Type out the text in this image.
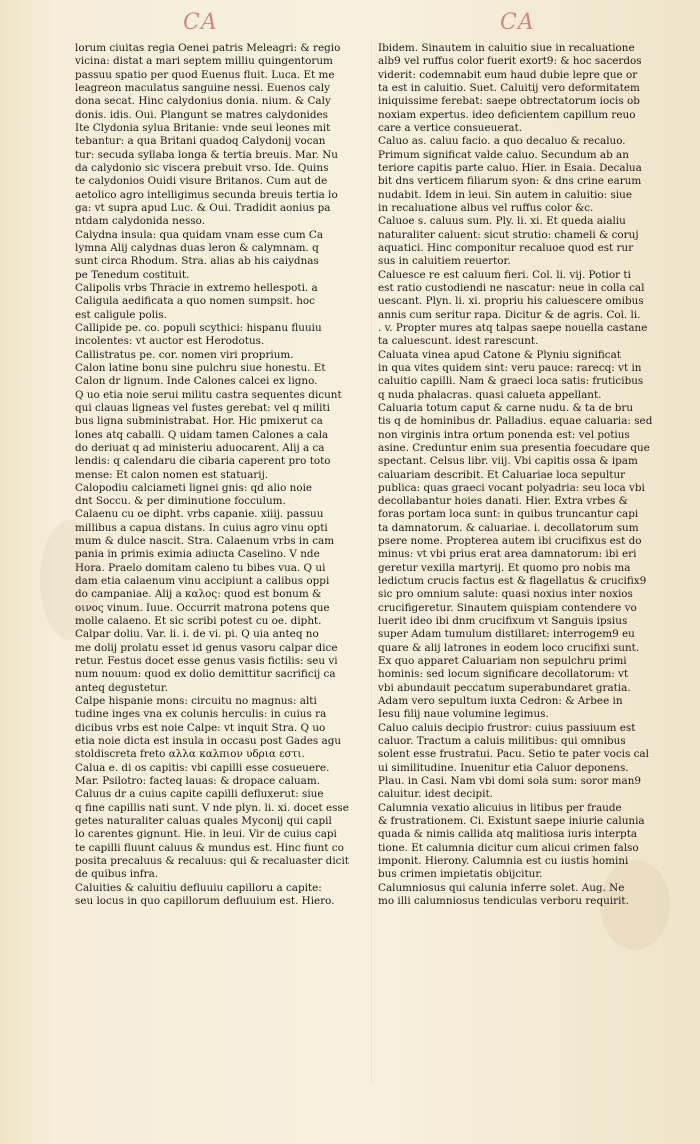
CA	CA
lorum ciuitas regia Oenei patris Meleagri: & regio
vicina: distat a mari septem milliu quingentorum
passuu spatio per quod Euenus fluit. Luca. Et me
leagreon maculatus sanguine nessi. Euenos caly
dona secat. Hinc calydonius donia. nium. & Caly
donis. idis. Oui. Plangunt se matres calydonides
Ite Clydonia sylua Britanie: vnde seui leones mit
tebantur: a qua Britani quadoq Calydonij vocan
tur: secuda syllaba longa & tertia breuis. Mar. Nu
da calydonio sic viscera prebuit vrso. Ide. Quins
te calydonios Ouidi visure Britanos. Cum aut de
aetolico agro intelligimus secunda breuis tertia lo
ga: vt supra apud Luc. & Oui. Tradidit aonius pa
ntdam calydonida nesso.
Calydna insula: qua quidam vnam esse cum Ca
lymna Alij calydnas duas leron & calymnam. q
sunt circa Rhodum. Stra. alias ab his caiydnas
pe Tenedum costituit.
Calipolis vrbs Thracie in extremo hellespoti. a
Caligula aedificata a quo nomen sumpsit. hoc
est caligule polis.
Callipide pe. co. populi scythici: hispanu fluuiu
incolentes: vt auctor est Herodotus.
Callistratus pe. cor. nomen viri proprium.
Calon latine bonu sine pulchru siue honestu. Et
Calon dr lignum. Inde Calones calcei ex ligno.
Q uo etia noie serui militu castra sequentes dicunt
qui clauas ligneas vel fustes gerebat: vel q militi
bus ligna subministrabat. Hor. Hic pmixerut ca
lones atq caballi. Q uidam tamen Calones a cala
do deriuat q ad ministeriu aduocarent. Alij a ca
lendis: q calendaru die cibaria caperent pro toto
mense: Et calon nomen est statuarij.
Calopodiu calciameti lignei gnis: qd alio noie
dnt Soccu. & per diminutione focculum.
Calaenu cu oe dipht. vrbs capanie. xiiij. passuu
millibus a capua distans. In cuius agro vinu opti
mum & dulce nascit. Stra. Calaenum vrbs in cam
pania in primis eximia adiucta Caselino. V nde
Hora. Praelo domitam caleno tu bibes vua. Q ui
dam etia calaenum vinu accipiunt a calibus oppi
do campaniae. Alij a καλος: quod est bonum &
οινος vinum. Iuue. Occurrit matrona potens que
molle calaeno. Et sic scribi potest cu oe. dipht.
Calpar doliu. Var. li. i. de vi. pi. Q uia anteq no
me dolij prolatu esset id genus vasoru calpar dice
retur. Festus docet esse genus vasis fictilis: seu vi
num nouum: quod ex dolio demittitur sacrificij ca
anteq degustetur.
Calpe hispanie mons: circuitu no magnus: alti
tudine inges vna ex colunis herculis: in cuius ra
dicibus vrbs est noie Calpe: vt inquit Stra. Q uo
etia noie dicta est insula in occasu post Gades agu
stoldiscreta freto αλλα καλπιον υδρια εστι.
Calua e. di os capitis: vbi capilli esse cosueuere.
Mar. Psilotro: facteq lauas: & dropace caluam.
Caluus dr a cuius capite capilli defluxerut: siue
q fine capillis nati sunt. V nde plyn. li. xi. docet esse
getes naturaliter caluas quales Myconij qui capil
lo carentes gignunt. Hie. in leui. Vir de cuius capi
te capilli fluunt caluus & mundus est. Hinc fiunt co
posita precaluus & recaluus: qui & recaluaster dicit
de quibus infra.
Caluities & caluitiu defluuiu capilloru a capite:
seu locus in quo capillorum defluuium est. Hiero.
Ibidem. Sinautem in caluitio siue in recaluatione
alb9 vel ruffus color fuerit exort9: & hoc sacerdos
viderit: codemnabit eum haud dubie lepre que or
ta est in caluitio. Suet. Caluitij vero deformitatem
iniquissime ferebat: saepe obtrectatorum iocis ob
noxiam expertus. ideo deficientem capillum reuo
care a vertice consueuerat.
Caluo as. caluu facio. a quo decaluo & recaluo.
Primum significat valde caluo. Secundum ab an
teriore capitis parte caluo. Hier. in Esaia. Decalua
bit dns verticem filiarum syon: & dns crine earum
nudabit. Idem in leui. Sin autem in caluitio: siue
in recaluatione albus vel ruffus color &c.
Caluoe s. caluus sum. Ply. li. xi. Et queda aialiu
naturaliter caluent: sicut strutio: chameli & coruj
aquatici. Hinc componitur recaluoe quod est rur
sus in caluitiem reuertor.
Caluesce re est caluum fieri. Col. li. vij. Potior ti
est ratio custodiendi ne nascatur: neue in colla cal
uescant. Plyn. li. xi. propriu his caluescere omibus
annis cum seritur rapa. Dicitur & de agris. Col. li.
. v. Propter mures atq talpas saepe nouella castane
ta caluescunt. idest rarescunt.
Caluata vinea apud Catone & Plyniu significat
in qua vites quidem sint: veru pauce: rarecq: vt in
caluitio capilli. Nam & graeci loca satis: fruticibus
q nuda phalacras. quasi calueta appellant.
Caluaria totum caput & carne nudu. & ta de bru
tis q de hominibus dr. Palladius. equae caluaria: sed
non virginis intra ortum ponenda est: vel potius
asine. Creduntur enim sua presentia foecudare que
spectant. Celsus libr. viij. Vbi capitis ossa & ipam
caluariam describit. Et Caluariae loca sepultur
publica: quas graeci vocant polyadria: seu loca vbi
decollabantur hoies danati. Hier. Extra vrbes &
foras portam loca sunt: in quibus truncantur capi
ta damnatorum. & caluariae. i. decollatorum sum
psere nome. Propterea autem ibi crucifixus est do
minus: vt vbi prius erat area damnatorum: ibi eri
geretur vexilla martyrij. Et quomo pro nobis ma
ledictum crucis factus est & flagellatus & crucifix9
sic pro omnium salute: quasi noxius inter noxios
crucifigeretur. Sinautem quispiam contendere vo
luerit ideo ibi dnm crucifixum vt Sanguis ipsius
super Adam tumulum distillaret: interrogem9 eu
quare & alij latrones in eodem loco crucifixi sunt.
Ex quo apparet Caluariam non sepulchru primi
hominis: sed locum significare decollatorum: vt
vbi abundauit peccatum superabundaret gratia.
Adam vero sepultum iuxta Cedron: & Arbee in
Iesu filij naue volumine legimus.
Caluo caluis decipio frustror: cuius passiuum est
caluor. Tractum a caluis militibus: qui omnibus
solent esse frustratui. Pacu. Setio te pater vocis cal
ui similitudine. Inuenitur etia Caluor deponens.
Plau. in Casi. Nam vbi domi sola sum: soror man9
caluitur. idest decipit.
Calumnia vexatio alicuius in litibus per fraude
& frustrationem. Ci. Existunt saepe iniurie calunia
quada & nimis callida atq malitiosa iuris interpta
tione. Et calumnia dicitur cum alicui crimen falso
imponit. Hierony. Calumnia est cu iustis homini
bus crimen impietatis obijcitur.
Calumniosus qui calunia inferre solet. Aug. Ne
mo illi calumniosus tendiculas verboru requirit.
